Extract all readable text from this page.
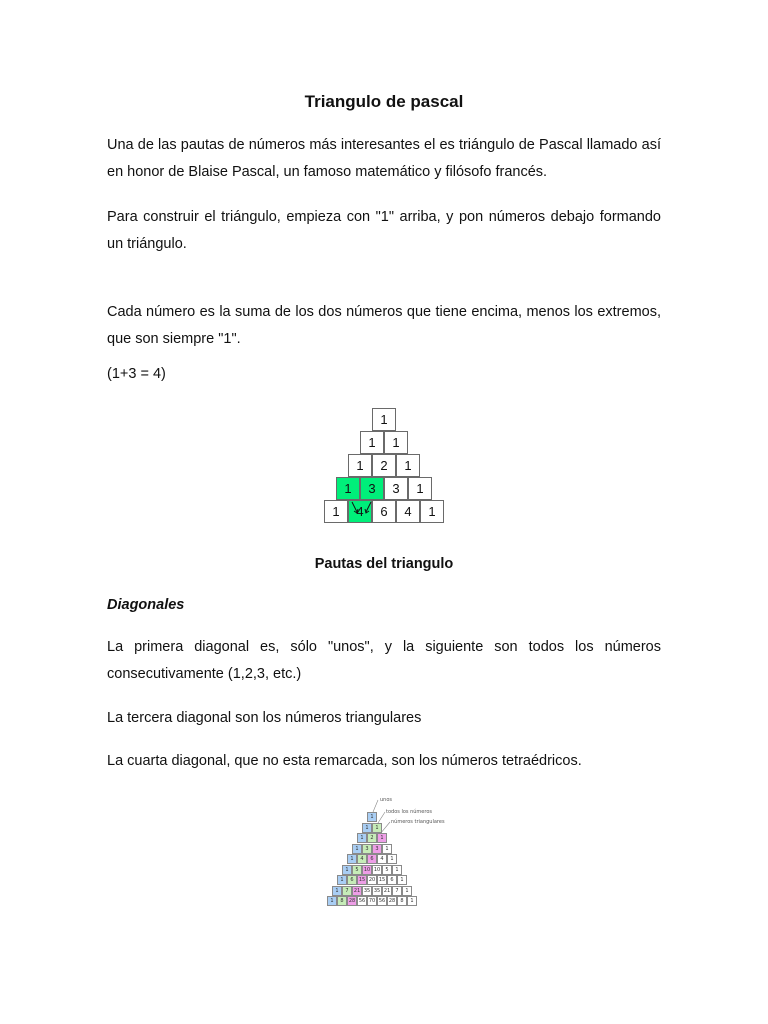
Triangulo de pascal
Una de las pautas de números más interesantes el es triángulo de Pascal llamado así en honor de Blaise Pascal, un famoso matemático y filósofo francés.
Para construir el triángulo, empieza con "1" arriba, y pon números debajo formando un triángulo.
Cada número es la suma de los dos números que tiene encima, menos los extremos, que son siempre "1".
(1+3 = 4)
1
1	1
1	2	1
1	3	3	1
1	4	6	4	1
Pautas del triangulo
Diagonales
La primera diagonal es, sólo "unos", y la siguiente son todos los números consecutivamente (1,2,3, etc.)
La tercera diagonal son los números triangulares
La cuarta diagonal, que no esta remarcada, son los números tetraédricos.
1
1	1
1	2	1
1	3	3	1
1	4	6	4	1
1	5	10 10	5	1
1	6	15 20 15	6	1
1	7	21 35 35 21	7	1
1	8	28 56 70 56 28	8	1
unos
todos los números
números triangulares
